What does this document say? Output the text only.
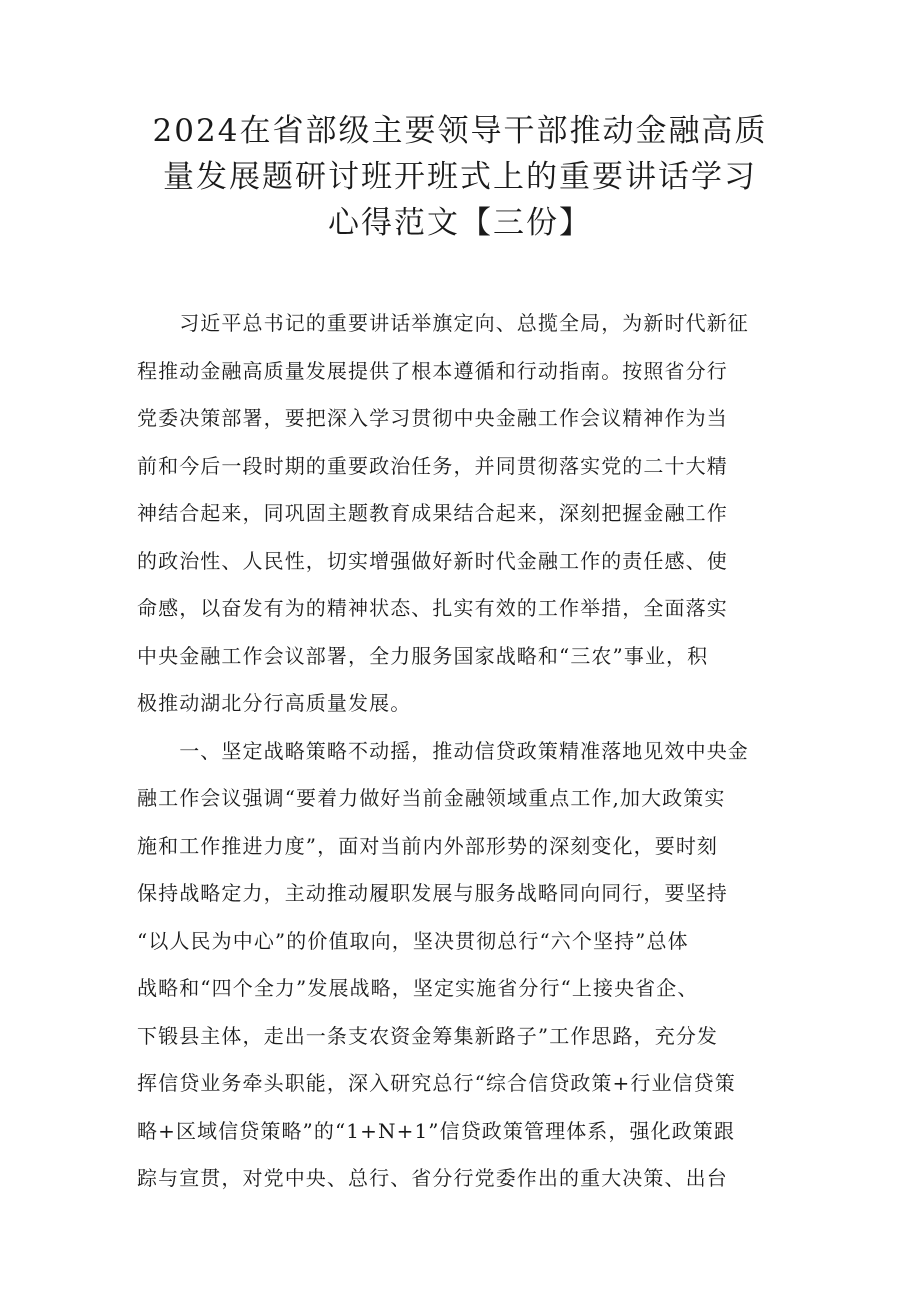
2024在省部级主要领导干部推动金融高质
量发展题研讨班开班式上的重要讲话学习
心得范文【三份】

　　习近平总书记的重要讲话举旗定向、总揽全局，为新时代新征
程推动金融高质量发展提供了根本遵循和行动指南。按照省分行
党委决策部署，要把深入学习贯彻中央金融工作会议精神作为当
前和今后一段时期的重要政治任务，并同贯彻落实党的二十大精
神结合起来，同巩固主题教育成果结合起来，深刻把握金融工作
的政治性、人民性，切实增强做好新时代金融工作的责任感、使
命感，以奋发有为的精神状态、扎实有效的工作举措，全面落实
中央金融工作会议部署，全力服务国家战略和“三农”事业，积
极推动湖北分行高质量发展。

　　一、坚定战略策略不动摇，推动信贷政策精准落地见效中央金
融工作会议强调“要着力做好当前金融领域重点工作,加大政策实
施和工作推进力度”，面对当前内外部形势的深刻变化，要时刻
保持战略定力，主动推动履职发展与服务战略同向同行，要坚持
“以人民为中心”的价值取向，坚决贯彻总行“六个坚持”总体
战略和“四个全力”发展战略，坚定实施省分行“上接央省企、
下锻县主体，走出一条支农资金筹集新路子”工作思路，充分发
挥信贷业务牵头职能，深入研究总行“综合信贷政策+行业信贷策
略+区域信贷策略”的“1+N+1”信贷政策管理体系，强化政策跟
踪与宣贯，对党中央、总行、省分行党委作出的重大决策、出台
